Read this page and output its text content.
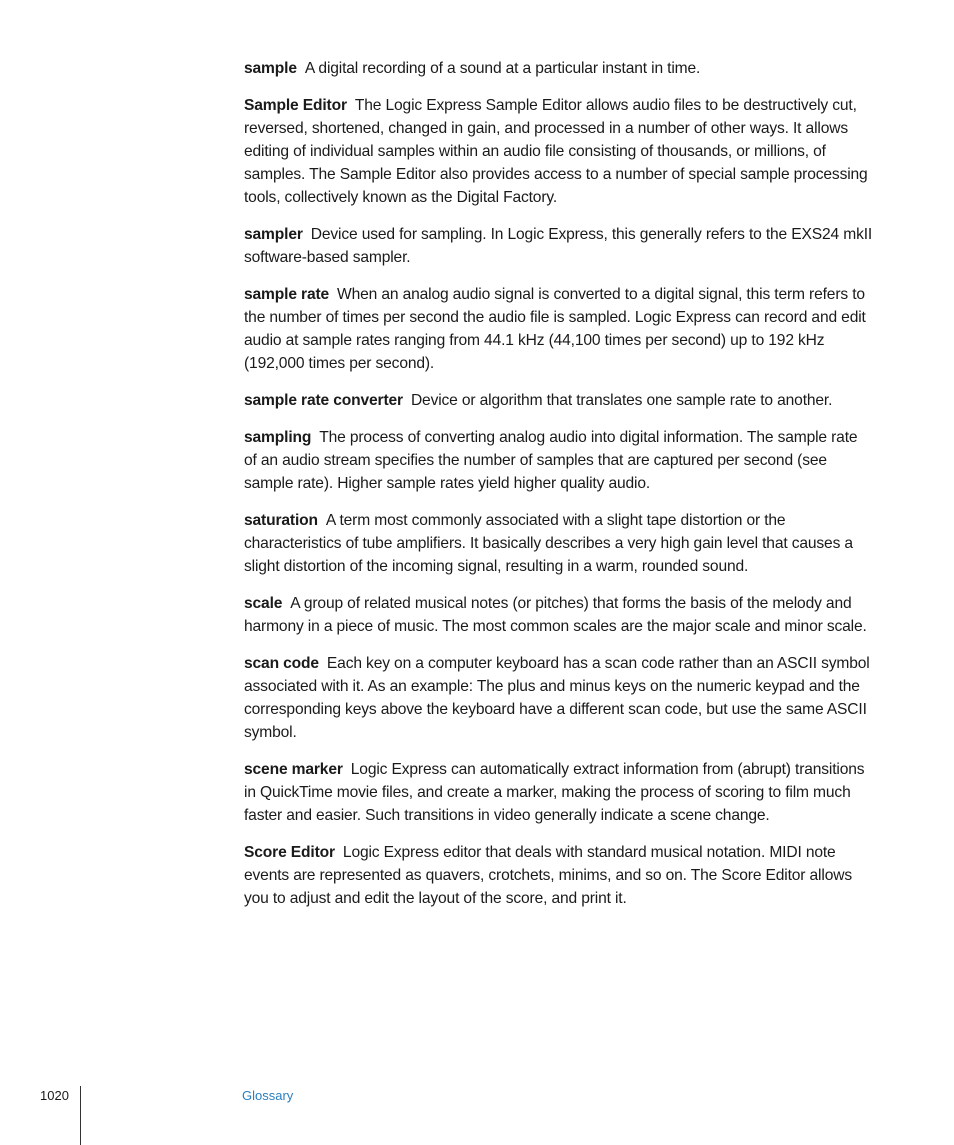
sample A digital recording of a sound at a particular instant in time.

Sample Editor The Logic Express Sample Editor allows audio files to be destructively cut, reversed, shortened, changed in gain, and processed in a number of other ways. It allows editing of individual samples within an audio file consisting of thousands, or millions, of samples. The Sample Editor also provides access to a number of special sample processing tools, collectively known as the Digital Factory.

sampler Device used for sampling. In Logic Express, this generally refers to the EXS24 mkII software-based sampler.

sample rate When an analog audio signal is converted to a digital signal, this term refers to the number of times per second the audio file is sampled. Logic Express can record and edit audio at sample rates ranging from 44.1 kHz (44,100 times per second) up to 192 kHz (192,000 times per second).

sample rate converter Device or algorithm that translates one sample rate to another.

sampling The process of converting analog audio into digital information. The sample rate of an audio stream specifies the number of samples that are captured per second (see sample rate). Higher sample rates yield higher quality audio.

saturation A term most commonly associated with a slight tape distortion or the characteristics of tube amplifiers. It basically describes a very high gain level that causes a slight distortion of the incoming signal, resulting in a warm, rounded sound.

scale A group of related musical notes (or pitches) that forms the basis of the melody and harmony in a piece of music. The most common scales are the major scale and minor scale.

scan code Each key on a computer keyboard has a scan code rather than an ASCII symbol associated with it. As an example: The plus and minus keys on the numeric keypad and the corresponding keys above the keyboard have a different scan code, but use the same ASCII symbol.

scene marker Logic Express can automatically extract information from (abrupt) transitions in QuickTime movie files, and create a marker, making the process of scoring to film much faster and easier. Such transitions in video generally indicate a scene change.

Score Editor Logic Express editor that deals with standard musical notation. MIDI note events are represented as quavers, crotchets, minims, and so on. The Score Editor allows you to adjust and edit the layout of the score, and print it.

1020	Glossary
